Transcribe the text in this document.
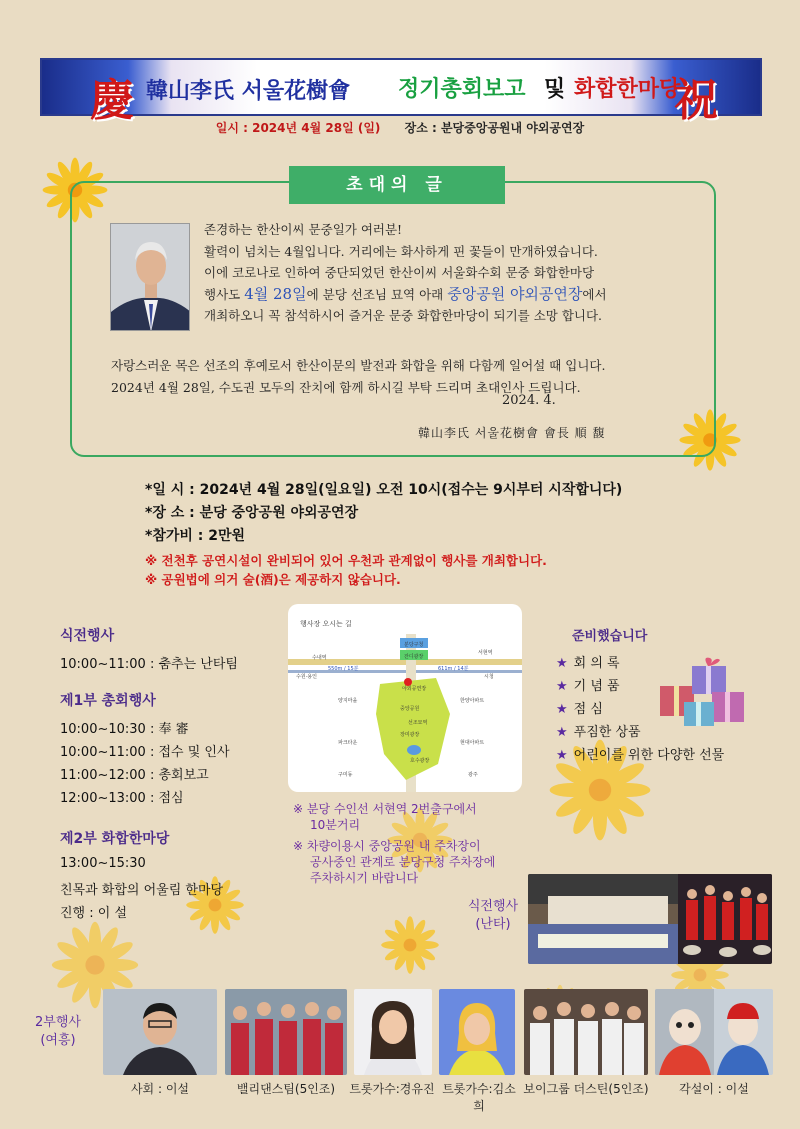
慶 韓山李氏 서울花樹會 정기총회보고 및 화합한마당
祝
일시 : 2024년 4월 28일 (일) 장소 : 분당중앙공원내 야외공연장
초대의 글
존경하는 한산이씨 문중일가 여러분!
활력이 넘치는 4월입니다. 거리에는 화사하게 핀 꽃들이 만개하였습니다.
이에 코로나로 인하여 중단되었던 한산이씨 서울화수회 문중 화합한마당
행사도 4월 28일에 분당 선조님 묘역 아래 중앙공원 야외공연장에서
개최하오니 꼭 참석하시어 즐거운 문중 화합한마당이 되기를 소망 합니다.
자랑스러운 목은 선조의 후예로서 한산이문의 발전과 화합을 위해 다함께 일어설 때 입니다.
2024년 4월 28일, 수도권 모두의 잔치에 함께 하시길 부탁 드리며 초대인사 드립니다.
2024. 4.
韓山李氏 서울花樹會 會長 順 馥
*일 시 : 2024년 4월 28일(일요일) 오전 10시(접수는 9시부터 시작합니다)
*장 소 : 분당 중앙공원 야외공연장
*참가비 : 2만원
※ 전천후 공연시설이 완비되어 있어 우천과 관계없이 행사를 개최합니다.
※ 공원법에 의거 술(酒)은 제공하지 않습니다.
식전행사
10:00~11:00 : 춤추는 난타팀
제1부 총회행사
10:00~10:30 : 奉 審
10:00~11:00 : 접수 및 인사
11:00~12:00 : 총회보고
12:00~13:00 : 점심
제2부 화합한마당
13:00~15:30
친목과 화합의 어울림 한마당
진행 : 이 설
행사장 오시는 길
분당구청
잔디광장
수내역
서현역
수원·용인	시청
야외공연장
중앙공원
선조묘역
장미광장
호수광장
양지마을	한양아파트
파크타운	현대아파트
구미동	광주
550m / 15분	611m / 14분
※ 분당 수인선 서현역 2번출구에서
10분거리
※ 차량이용시 중앙공원 내 주차장이
공사중인 관계로 분당구청 주차장에
주차하시기 바랍니다
준비했습니다
★ 회 의 록
★ 기 념 품
★ 점 심
★ 푸짐한 상품
★ 어린이를 위한 다양한 선물
식전행사
(난타)
2부행사
(여흥)
사회 : 이설	밸리댄스팀(5인조)	트롯가수:경유진 트롯가수:김소희
보이그룹 더스틴(5인조)	각설이 : 이설
